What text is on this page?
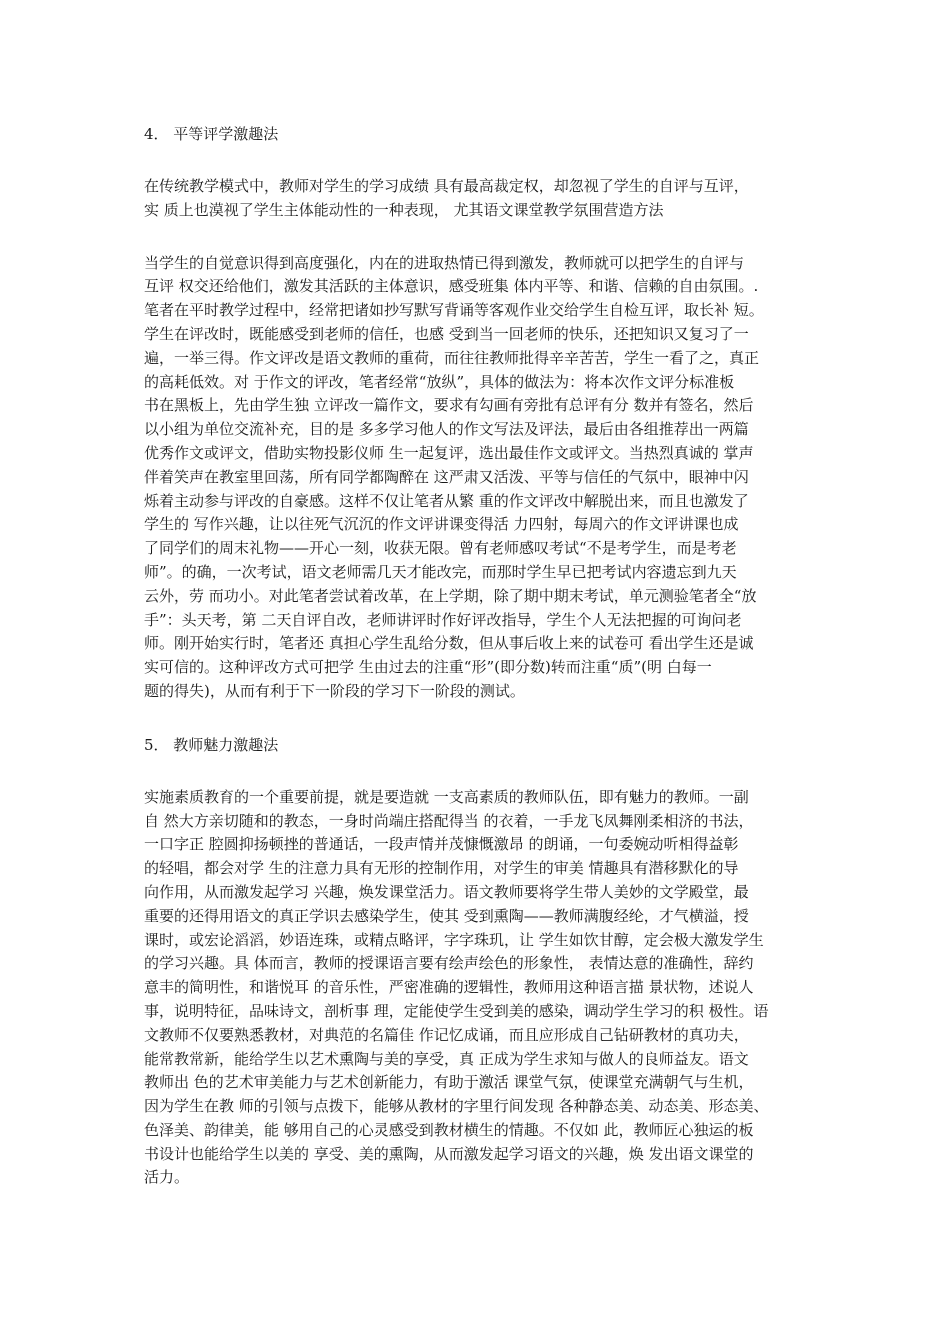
4． 平等评学激趣法

在传统教学模式中，教师对学生的学习成绩 具有最高裁定权，却忽视了学生的自评与互评，
实 质上也漠视了学生主体能动性的一种表现， 尤其语文课堂教学氛围营造方法

当学生的自觉意识得到高度强化，内在的进取热情已得到激发，教师就可以把学生的自评与
互评 权交还给他们，激发其活跃的主体意识，感受班集 体内平等、和谐、信赖的自由氛围。.
笔者在平时教学过程中，经常把诸如抄写默写背诵等客观作业交给学生自检互评，取长补 短。
学生在评改时，既能感受到老师的信任，也感 受到当一回老师的快乐，还把知识又复习了一
遍，一举三得。作文评改是语文教师的重荷，而往往教师批得辛辛苦苦，学生一看了之，真正
的高耗低效。对 于作文的评改，笔者经常“放纵”，具体的做法为：将本次作文评分标准板
书在黑板上，先由学生独 立评改一篇作文，要求有勾画有旁批有总评有分 数并有签名，然后
以小组为单位交流补充，目的是 多多学习他人的作文写法及评法，最后由各组推荐出一两篇
优秀作文或评文，借助实物投影仪师 生一起复评，选出最佳作文或评文。当热烈真诚的 掌声
伴着笑声在教室里回荡，所有同学都陶醉在 这严肃又活泼、平等与信任的气氛中，眼神中闪
烁着主动参与评改的自豪感。这样不仅让笔者从繁 重的作文评改中解脱出来，而且也激发了
学生的 写作兴趣，让以往死气沉沉的作文评讲课变得活 力四射，每周六的作文评讲课也成
了同学们的周末礼物——开心一刻，收获无限。曾有老师感叹考试“不是考学生，而是考老
师”。的确，一次考试，语文老师需几天才能改完，而那时学生早已把考试内容遗忘到九天
云外，劳 而功小。对此笔者尝试着改革，在上学期，除了期中期末考试，单元测验笔者全“放
手”：头天考，第 二天自评自改，老师讲评时作好评改指导，学生个人无法把握的可询问老
师。刚开始实行时，笔者还 真担心学生乱给分数，但从事后收上来的试卷可 看出学生还是诚
实可信的。这种评改方式可把学 生由过去的注重“形”(即分数)转而注重“质”(明 白每一
题的得失)，从而有利于下一阶段的学习下一阶段的测试。

5． 教师魅力激趣法

实施素质教育的一个重要前提，就是要造就 一支高素质的教师队伍，即有魅力的教师。一副
自 然大方亲切随和的教态，一身时尚端庄搭配得当 的衣着，一手龙飞凤舞刚柔相济的书法，
一口字正 腔圆抑扬顿挫的普通话，一段声情并茂慷慨激昂 的朗诵，一句委婉动听相得益彰
的轻唱，都会对学 生的注意力具有无形的控制作用，对学生的审美 情趣具有潜移默化的导
向作用，从而激发起学习 兴趣，焕发课堂活力。语文教师要将学生带人美妙的文学殿堂，最
重要的还得用语文的真正学识去感染学生，使其 受到熏陶——教师满腹经纶，才气横溢，授
课时，或宏论滔滔，妙语连珠，或精点略评，字字珠玑，让 学生如饮甘醇，定会极大激发学生
的学习兴趣。具 体而言，教师的授课语言要有绘声绘色的形象性， 表情达意的准确性，辞约
意丰的简明性，和谐悦耳 的音乐性，严密准确的逻辑性，教师用这种语言描 景状物，述说人
事，说明特征，品味诗文，剖析事 理，定能使学生受到美的感染，调动学生学习的积 极性。语
文教师不仅要熟悉教材，对典范的名篇佳 作记忆成诵，而且应形成自己钻研教材的真功夫，
能常教常新，能给学生以艺术熏陶与美的享受，真 正成为学生求知与做人的良师益友。语文
教师出 色的艺术审美能力与艺术创新能力，有助于激活 课堂气氛，使课堂充满朝气与生机，
因为学生在教 师的引领与点拨下，能够从教材的字里行间发现 各种静态美、动态美、形态美、
色泽美、韵律美，能 够用自己的心灵感受到教材横生的情趣。不仅如 此，教师匠心独运的板
书设计也能给学生以美的 享受、美的熏陶，从而激发起学习语文的兴趣，焕 发出语文课堂的
活力。
